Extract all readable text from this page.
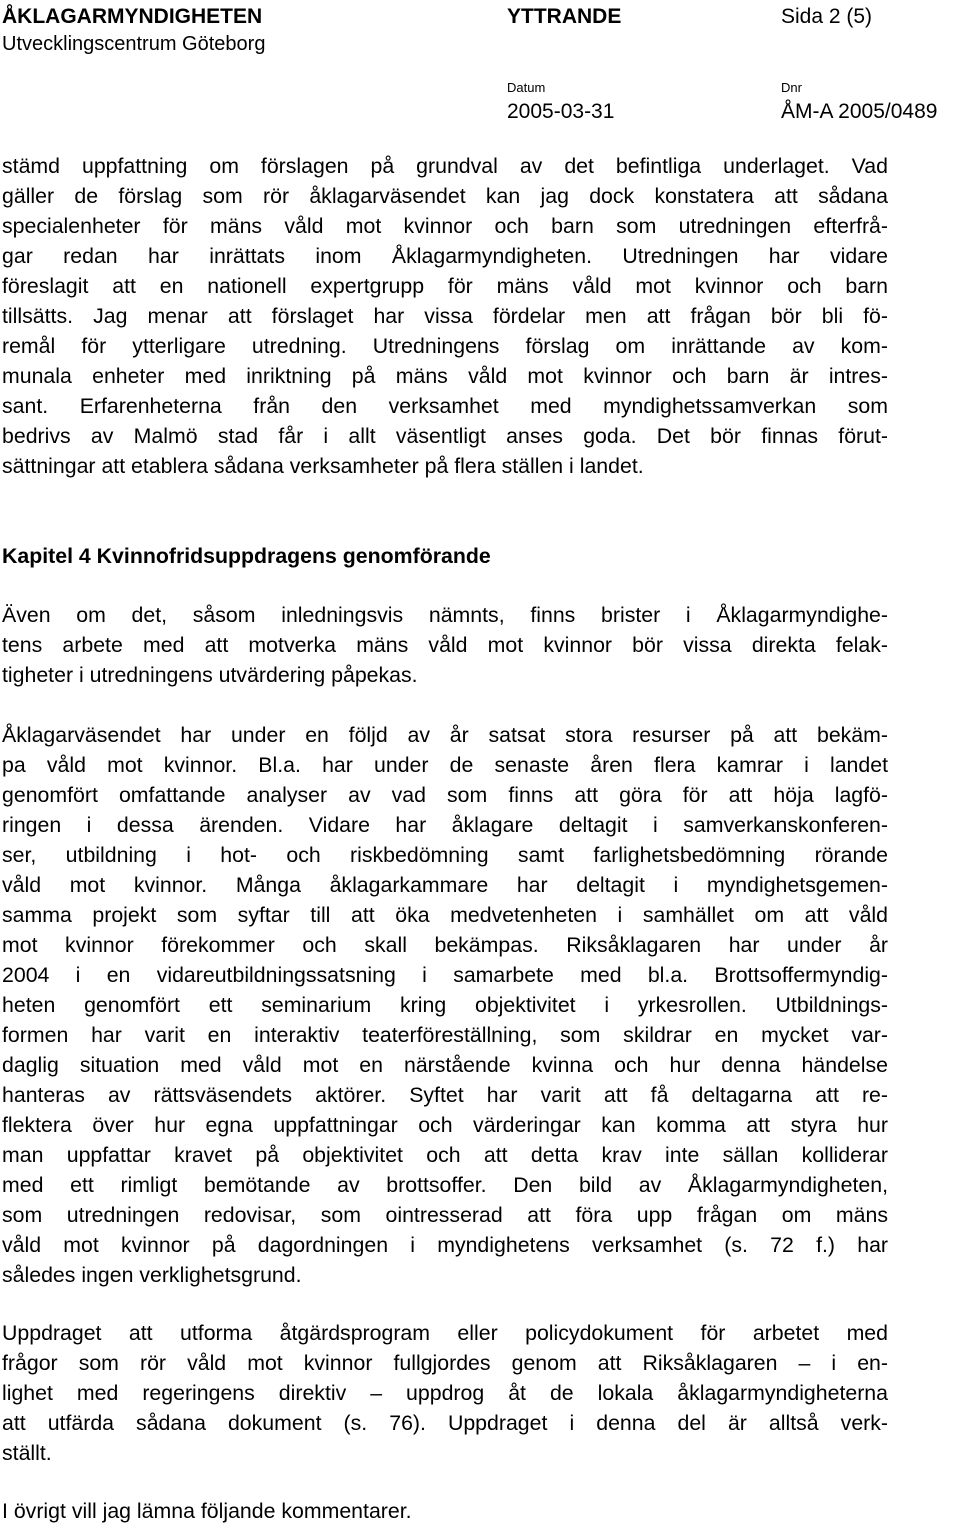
ÅKLAGARMYNDIGHETEN
Utvecklingscentrum Göteborg
YTTRANDE	Sida 2 (5)
Datum
2005-03-31
Dnr
ÅM-A 2005/0489
stämd uppfattning om förslagen på grundval av det befintliga underlaget. Vad
gäller de förslag som rör åklagarväsendet kan jag dock konstatera att sådana
specialenheter för mäns våld mot kvinnor och barn som utredningen efterfrå-
gar redan har inrättats inom Åklagarmyndigheten. Utredningen har vidare
föreslagit att en nationell expertgrupp för mäns våld mot kvinnor och barn
tillsätts. Jag menar att förslaget har vissa fördelar men att frågan bör bli fö-
remål för ytterligare utredning. Utredningens förslag om inrättande av kom-
munala enheter med inriktning på mäns våld mot kvinnor och barn är intres-
sant. Erfarenheterna från den verksamhet med myndighetssamverkan som
bedrivs av Malmö stad får i allt väsentligt anses goda. Det bör finnas förut-
sättningar att etablera sådana verksamheter på flera ställen i landet.
Kapitel 4 Kvinnofridsuppdragens genomförande
Även om det, såsom inledningsvis nämnts, finns brister i Åklagarmyndighe-
tens arbete med att motverka mäns våld mot kvinnor bör vissa direkta felak-
tigheter i utredningens utvärdering påpekas.
Åklagarväsendet har under en följd av år satsat stora resurser på att bekäm-
pa våld mot kvinnor. Bl.a. har under de senaste åren flera kamrar i landet
genomfört omfattande analyser av vad som finns att göra för att höja lagfö-
ringen i dessa ärenden. Vidare har åklagare deltagit i samverkanskonferen-
ser, utbildning i hot- och riskbedömning samt farlighetsbedömning rörande
våld mot kvinnor. Många åklagarkammare har deltagit i myndighetsgemen-
samma projekt som syftar till att öka medvetenheten i samhället om att våld
mot kvinnor förekommer och skall bekämpas. Riksåklagaren har under år
2004 i en vidareutbildningssatsning i samarbete med bl.a. Brottsoffermyndig-
heten genomfört ett seminarium kring objektivitet i yrkesrollen. Utbildnings-
formen har varit en interaktiv teaterföreställning, som skildrar en mycket var-
daglig situation med våld mot en närstående kvinna och hur denna händelse
hanteras av rättsväsendets aktörer. Syftet har varit att få deltagarna att re-
flektera över hur egna uppfattningar och värderingar kan komma att styra hur
man uppfattar kravet på objektivitet och att detta krav inte sällan kolliderar
med ett rimligt bemötande av brottsoffer. Den bild av Åklagarmyndigheten,
som utredningen redovisar, som ointresserad att föra upp frågan om mäns
våld mot kvinnor på dagordningen i myndighetens verksamhet (s. 72 f.) har
således ingen verklighetsgrund.
Uppdraget att utforma åtgärdsprogram eller policydokument för arbetet med
frågor som rör våld mot kvinnor fullgjordes genom att Riksåklagaren – i en-
lighet med regeringens direktiv – uppdrog åt de lokala åklagarmyndigheterna
att utfärda sådana dokument (s. 76). Uppdraget i denna del är alltså verk-
ställt.
I övrigt vill jag lämna följande kommentarer.
